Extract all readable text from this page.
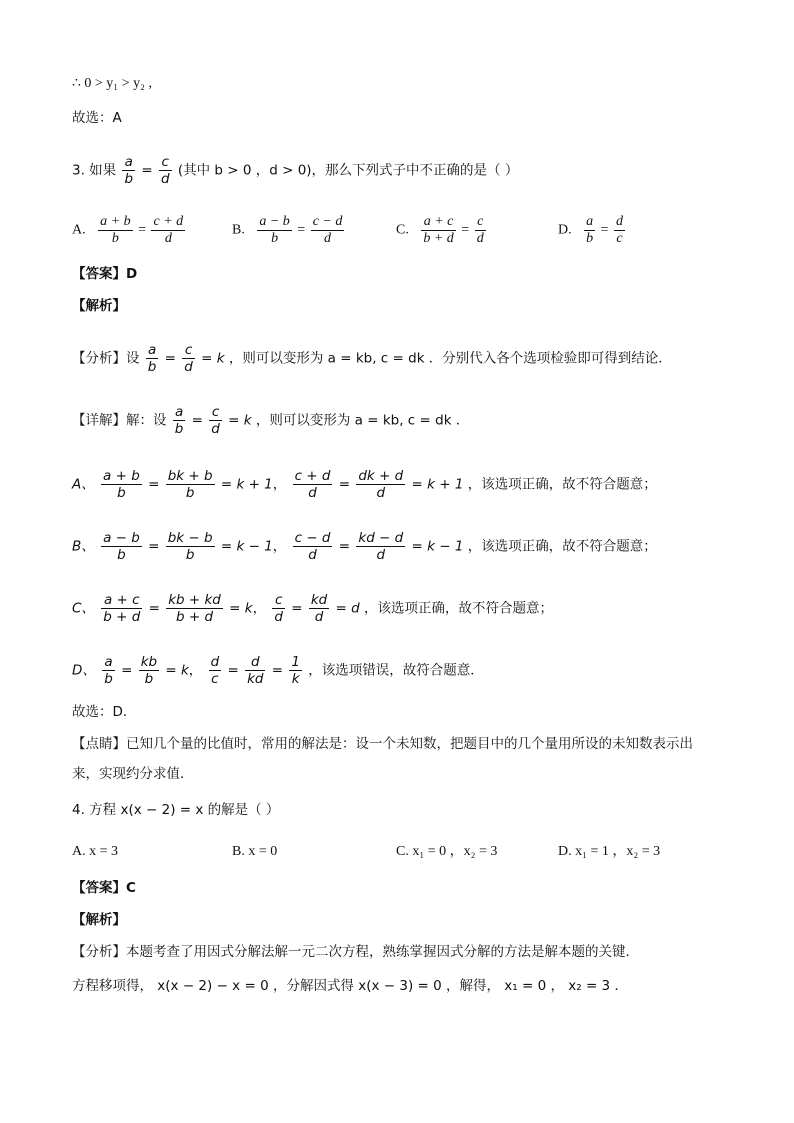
∴ 0 > y₁ > y₂ ,
故选：A
3. 如果 $\frac{a}{b} = \frac{c}{d}$ (其中 b > 0 ，d > 0)，那么下列式子中不正确的是（ ）
A. $\frac{a + b}{b} = \frac{c + d}{d}$	B. $\frac{a - b}{b} = \frac{c - d}{d}$	C. $\frac{a + c}{b + d} = \frac{c}{d}$	D. $\frac{a}{b} = \frac{d}{c}$
【答案】D
【解析】
【分析】设 $\frac{a}{b} = \frac{c}{d} = k$ ，则可以变形为 a = kb, c = dk ．分别代入各个选项检验即可得到结论．
【详解】解：设 $\frac{a}{b} = \frac{c}{d} = k$ ，则可以变形为 a = kb, c = dk ．
A、 $\frac{a + b}{b} = \frac{bk + b}{b} = k + 1$， $\frac{c + d}{d} = \frac{dk + d}{d} = k + 1$ ，该选项正确，故不符合题意；
B、 $\frac{a - b}{b} = \frac{bk - b}{b} = k - 1$， $\frac{c - d}{d} = \frac{kd - d}{d} = k - 1$ ，该选项正确，故不符合题意；
C、 $\frac{a + c}{b + d} = \frac{kb + kd}{b + d} = k$， $\frac{c}{d} = \frac{kd}{d} = d$ ，该选项正确，故不符合题意；
D、 $\frac{a}{b} = \frac{kb}{b} = k$， $\frac{d}{c} = \frac{d}{kd} = \frac{1}{k}$ ，该选项错误，故符合题意．
故选：D．
【点睛】已知几个量的比值时，常用的解法是：设一个未知数，把题目中的几个量用所设的未知数表示出
来，实现约分求值．
4. 方程 x(x − 2) = x 的解是（ ）
A. x = 3	B. x = 0	C. x₁ = 0 ，x₂ = 3	D. x₁ = 1 ，x₂ = 3
【答案】C
【解析】
【分析】本题考查了用因式分解法解一元二次方程，熟练掌握因式分解的方法是解本题的关键．
方程移项得， x(x − 2) − x = 0 ，分解因式得 x(x − 3) = 0 ，解得， x₁ = 0 ， x₂ = 3 ．
